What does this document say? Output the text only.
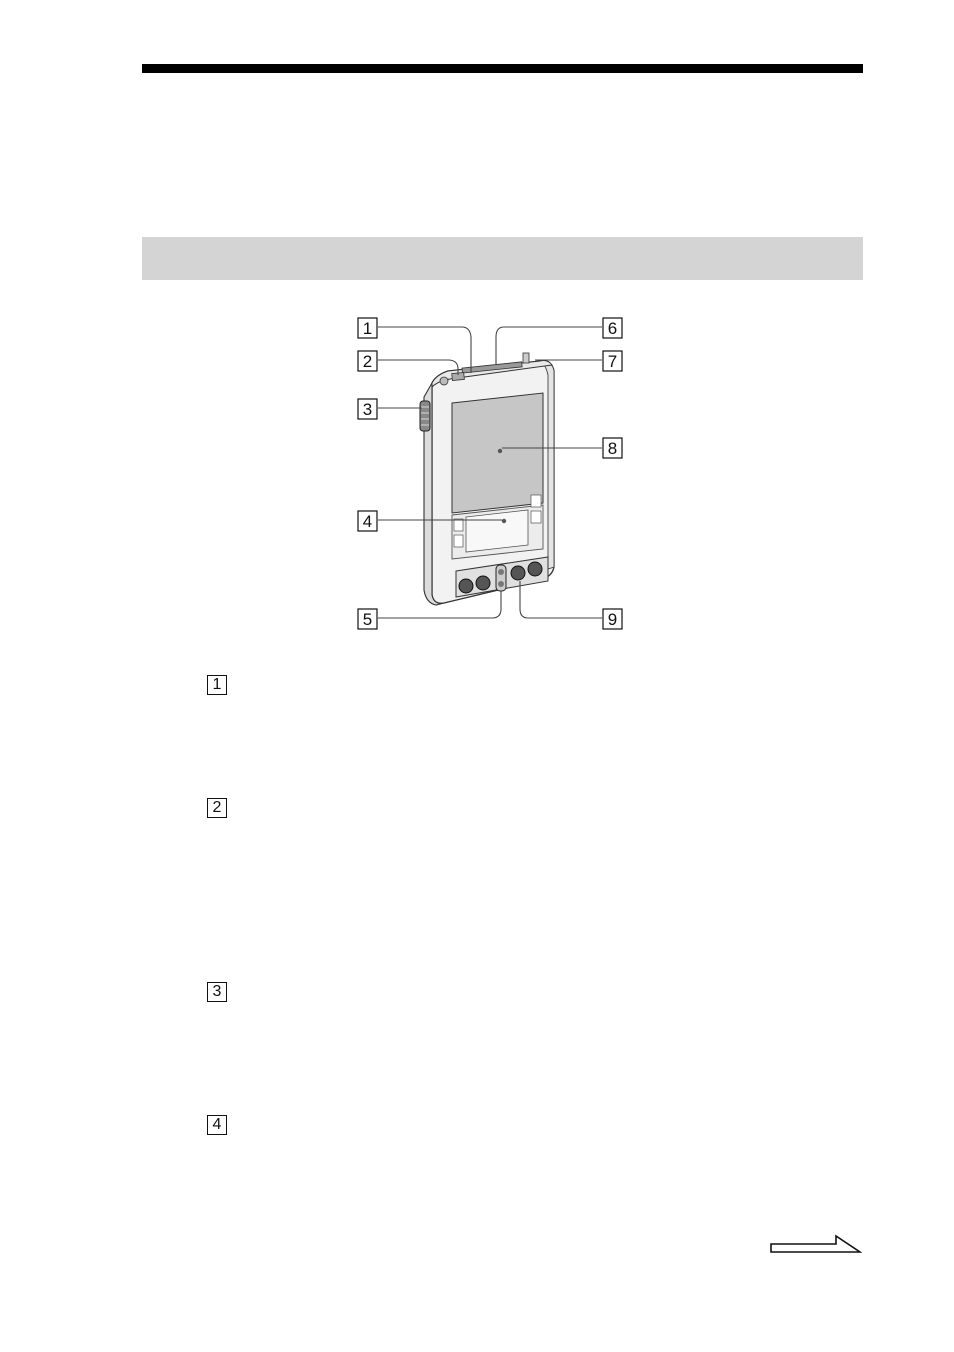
1
2
3
4
5
6
7
8
9
1
2
3
4
